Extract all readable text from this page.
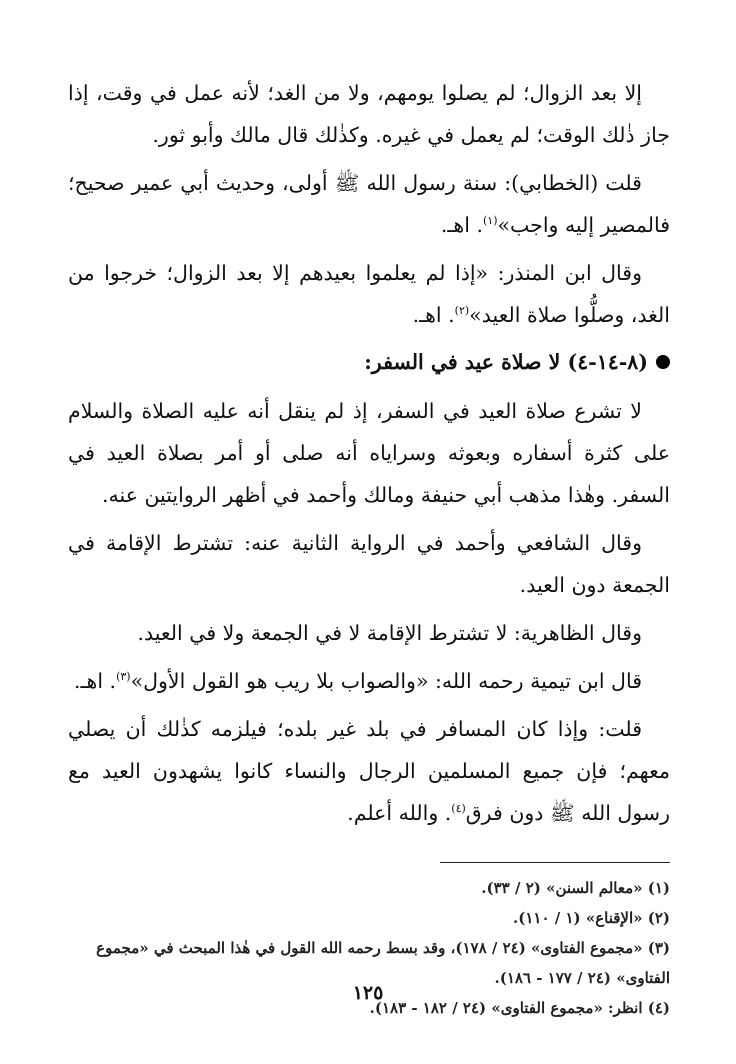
إلا بعد الزوال؛ لم يصلوا يومهم، ولا من الغد؛ لأنه عمل في وقت، إذا جاز ذٰلك الوقت؛ لم يعمل في غيره. وكذٰلك قال مالك وأبو ثور.

قلت (الخطابي): سنة رسول الله ﷺ أولى، وحديث أبي عمير صحيح؛ فالمصير إليه واجب»$^{(١)}$. اهـ.

وقال ابن المنذر: «إذا لم يعلموا بعيدهم إلا بعد الزوال؛ خرجوا من الغد، وصلُّوا صلاة العيد»$^{(٢)}$. اهـ.

(٨-١٤-٤) لا صلاة عيد في السفر:

لا تشرع صلاة العيد في السفر، إذ لم ينقل أنه عليه الصلاة والسلام على كثرة أسفاره وبعوثه وسراياه أنه صلى أو أمر بصلاة العيد في السفر. وهٰذا مذهب أبي حنيفة ومالك وأحمد في أظهر الروايتين عنه.

وقال الشافعي وأحمد في الرواية الثانية عنه: تشترط الإقامة في الجمعة دون العيد.

وقال الظاهرية: لا تشترط الإقامة لا في الجمعة ولا في العيد.

قال ابن تيمية رحمه الله: «والصواب بلا ريب هو القول الأول»$^{(٣)}$. اهـ.

قلت: وإذا كان المسافر في بلد غير بلده؛ فيلزمه كذٰلك أن يصلي معهم؛ فإن جميع المسلمين الرجال والنساء كانوا يشهدون العيد مع رسول الله ﷺ دون فرق$^{(٤)}$. والله أعلم.

(١) «معالم السنن» (٢ / ٣٣).

(٢) «الإقناع» (١ / ١١٠).

(٣) «مجموع الفتاوى» (٢٤ / ١٧٨)، وقد بسط رحمه الله القول في هٰذا المبحث في «مجموع الفتاوى» (٢٤ / ١٧٧ - ١٨٦).

(٤) انظر: «مجموع الفتاوى» (٢٤ / ١٨٢ - ١٨٣).

١٢٥
